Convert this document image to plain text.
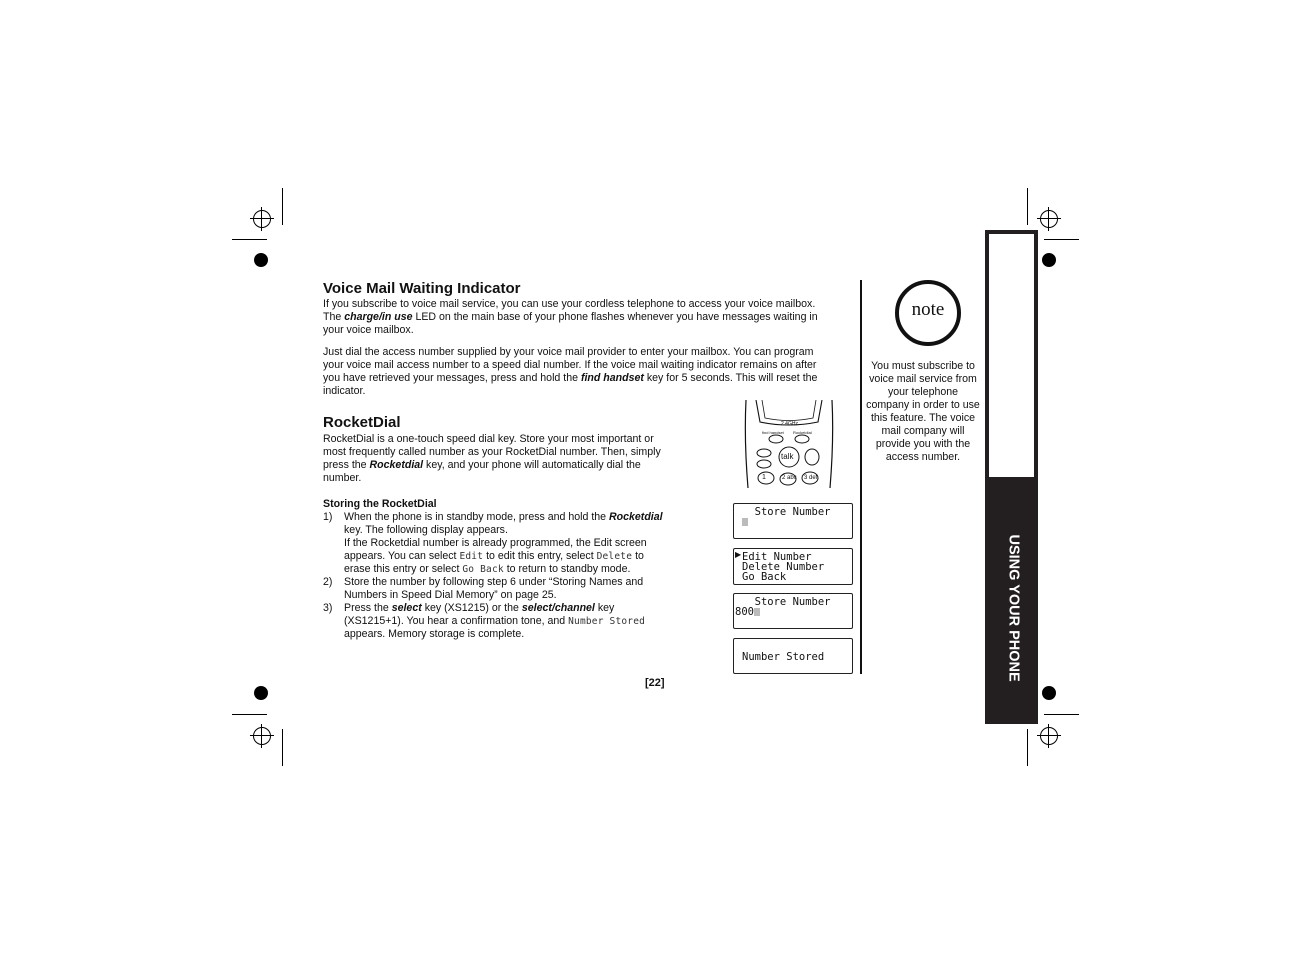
Voice Mail Waiting Indicator
If you subscribe to voice mail service, you can use your cordless telephone to access your voice mailbox. The charge/in use LED on the main base of your phone flashes whenever you have messages waiting in your voice mailbox.
Just dial the access number supplied by your voice mail provider to enter your mailbox. You can program your voice mail access number to a speed dial number. If the voice mail waiting indicator remains on after you have retrieved your messages, press and hold the find handset key for 5 seconds. This will reset the indicator.
RocketDial
RocketDial is a one-touch speed dial key. Store your most important or most frequently called number as your RocketDial number. Then, simply press the Rocketdial key, and your phone will automatically dial the number.
Storing the RocketDial
1) When the phone is in standby mode, press and hold the Rocketdial key. The following display appears.
If the Rocketdial number is already programmed, the Edit screen appears. You can select Edit to edit this entry, select Delete to erase this entry or select Go Back to return to standby mode.
2) Store the number by following step 6 under “Storing Names and Numbers in Speed Dial Memory” on page 25.
3) Press the select key (XS1215) or the select/channel key (XS1215+1). You hear a confirmation tone, and Number Stored appears. Memory storage is complete.
2.4GHz
find handset Rocketdial
talk
1	2 abc 3 def
Store Number
▶ Edit Number
Delete Number
Go Back
Store Number
800
Number Stored
note
You must subscribe to voice mail service from your telephone company in order to use this feature. The voice mail company will provide you with the access number.
USING YOUR PHONE
[22]
